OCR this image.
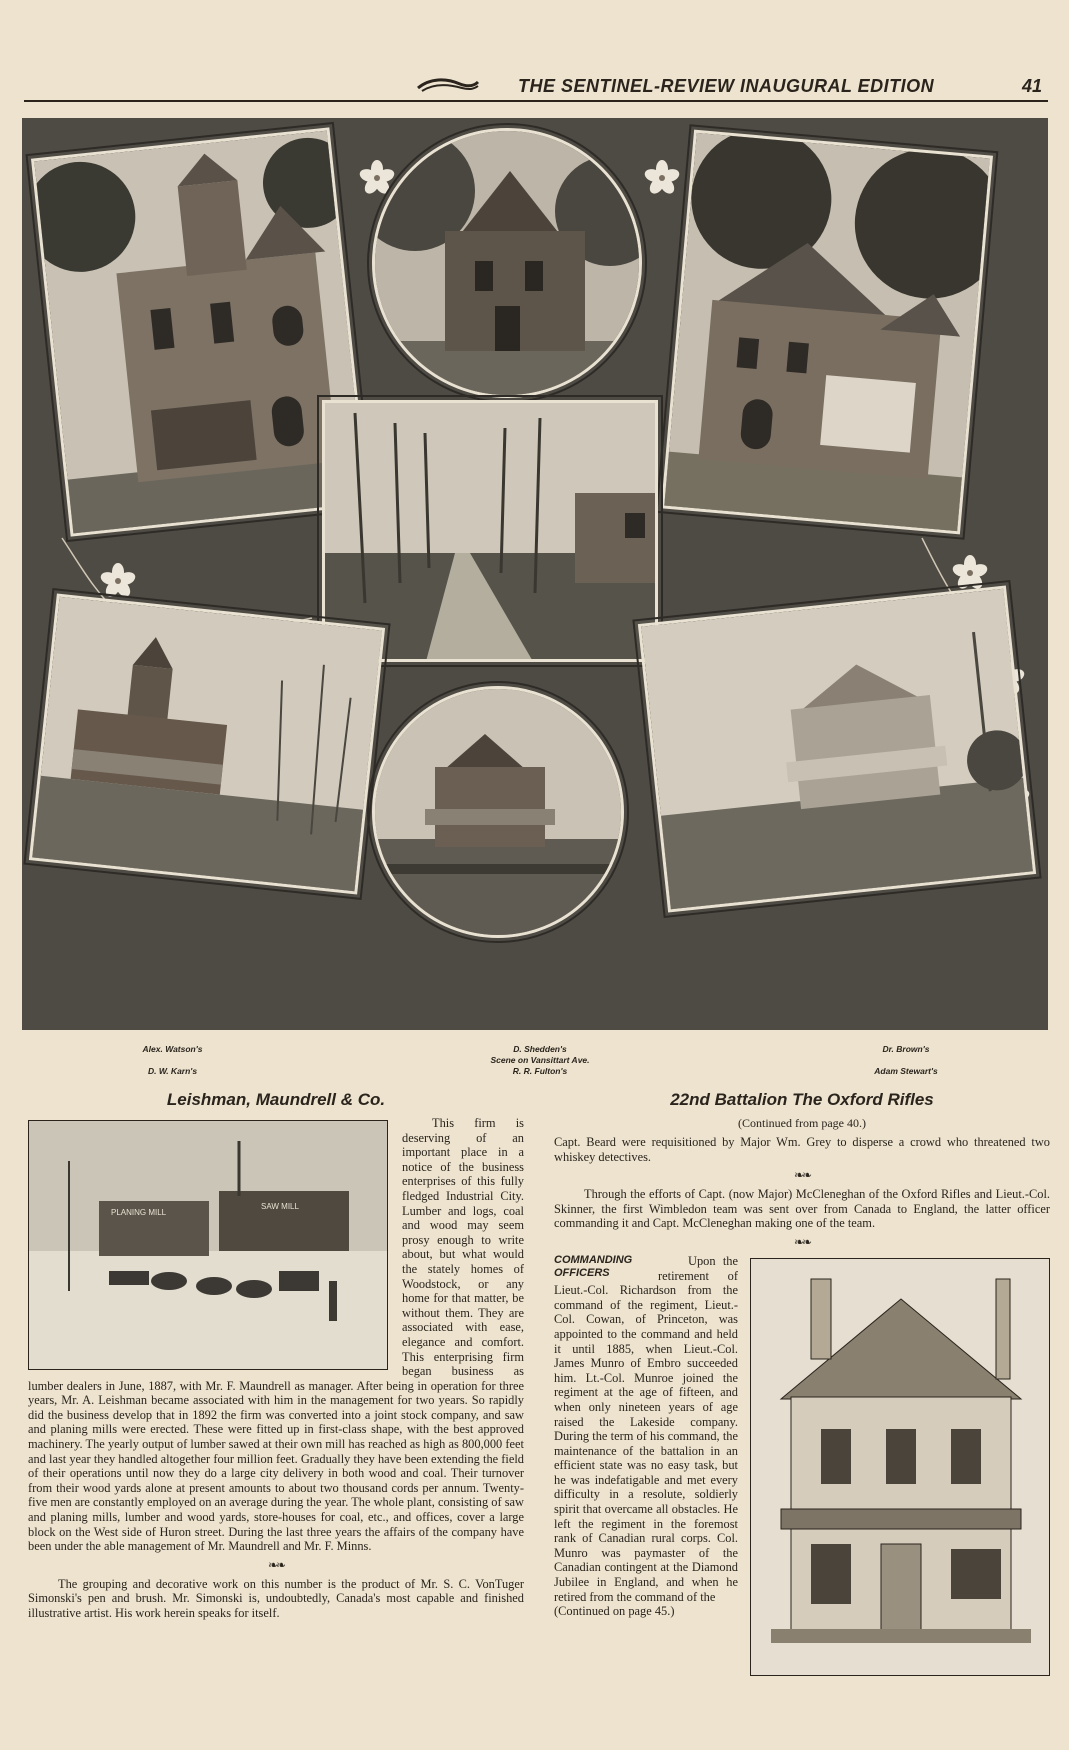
THE SENTINEL-REVIEW INAUGURAL EDITION	41
Alex. Watson's
D. W. Karn's
D. Shedden's
Scene on Vansittart Ave.
R. R. Fulton's
Dr. Brown's
Adam Stewart's
Leishman, Maundrell & Co.
PLANING MILL
SAW MILL

This firm is deserving of an important place in a notice of the business enterprises of this fully fledged Industrial City. Lumber and logs, coal and wood may seem prosy enough to write about, but what would the stately homes of Woodstock, or any home for that matter, be without them. They are associated with ease, elegance and comfort. This enterprising firm began business as lumber dealers in June, 1887, with Mr. F. Maundrell as manager. After being in operation for three years, Mr. A. Leishman became associated with him in the management for two years. So rapidly did the business develop that in 1892 the firm was converted into a joint stock company, and saw and planing mills were erected. These were fitted up in first-class shape, with the best approved machinery. The yearly output of lumber sawed at their own mill has reached as high as 800,000 feet and last year they handled altogether four million feet. Gradually they have been extending the field of their operations until now they do a large city delivery in both wood and coal. Their turnover from their wood yards alone at present amounts to about two thousand cords per annum. Twenty-five men are constantly employed on an average during the year. The whole plant, consisting of saw and planing mills, lumber and wood yards, store-houses for coal, etc., and offices, cover a large block on the West side of Huron street. During the last three years the affairs of the company have been under the able management of Mr. Maundrell and Mr. F. Minns.

❧❧

The grouping and decorative work on this number is the product of Mr. S. C. VonTuger Simonski's pen and brush. Mr. Simonski is, undoubtedly, Canada's most capable and finished illustrative artist. His work herein speaks for itself.

22nd Battalion The Oxford Rifles
(Continued from page 40.)

Capt. Beard were requisitioned by Major Wm. Grey to disperse a crowd who threatened two whiskey detectives.

❧❧

Through the efforts of Capt. (now Major) McCleneghan of the Oxford Rifles and Lieut.-Col. Skinner, the first Wimbledon team was sent over from Canada to England, the latter officer commanding it and Capt. McCleneghan making one of the team.

❧❧
COMMANDING OFFICERS

Upon the retirement of Lieut.-Col. Richardson from the command of the regiment, Lieut.-Col. Cowan, of Princeton, was appointed to the command and held it until 1885, when Lieut.-Col. James Munro of Embro succeeded him. Lt.-Col. Munroe joined the regiment at the age of fifteen, and when only nineteen years of age raised the Lakeside company. During the term of his command, the maintenance of the battalion in an efficient state was no easy task, but he was indefatigable and met every difficulty in a resolute, soldierly spirit that overcame all obstacles. He left the regiment in the foremost rank of Canadian rural corps. Col. Munro was paymaster of the Canadian contingent at the Diamond Jubilee in England, and when he retired from the command of the

(Continued on page 45.)
